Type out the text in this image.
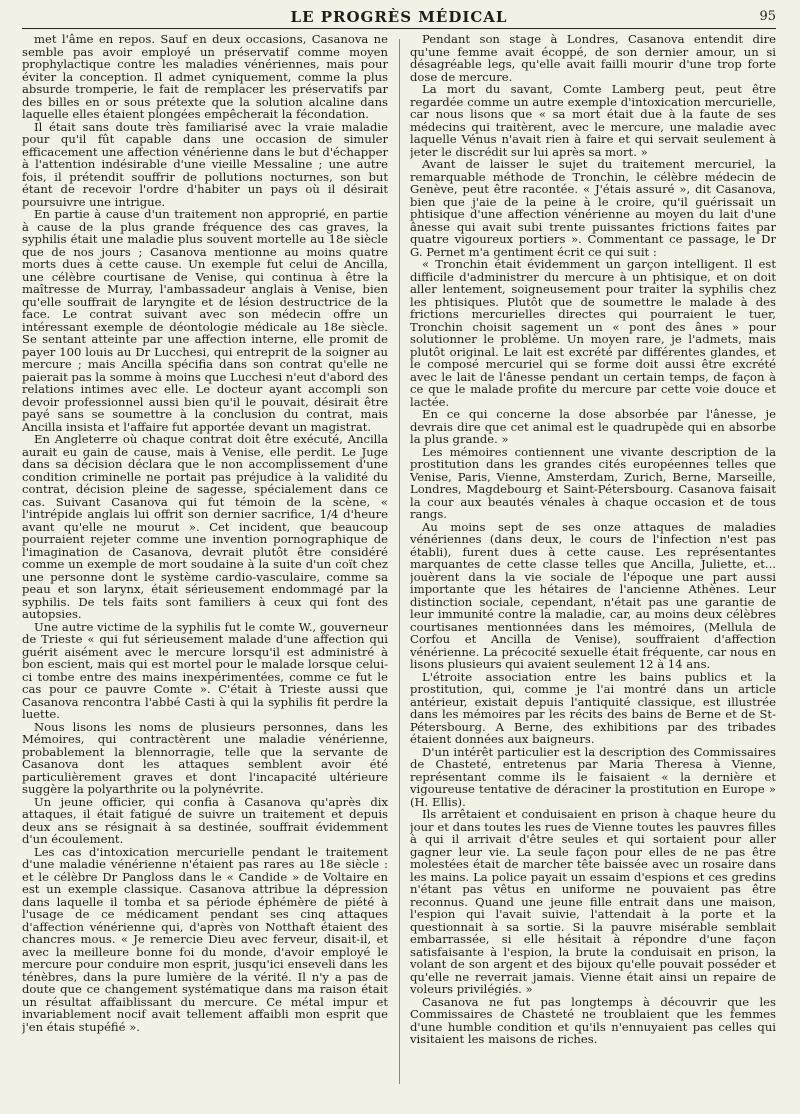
LE PROGRÈS MÉDICAL	95

met l'âme en repos. Sauf en deux occasions, Casanova ne semble pas avoir employé un préservatif comme moyen prophylactique contre les maladies vénériennes, mais pour éviter la conception. Il admet cyniquement, comme la plus absurde tromperie, le fait de remplacer les préservatifs par des billes en or sous prétexte que la solution alcaline dans laquelle elles étaient plongées empêcherait la fécondation.

Il était sans doute très familiarisé avec la vraie maladie pour qu'il fût capable dans une occasion de simuler efficacement une affection vénérienne dans le but d'échapper à l'attention indésirable d'une vieille Messaline ; une autre fois, il prétendit souffrir de pollutions nocturnes, son but étant de recevoir l'ordre d'habiter un pays où il désirait poursuivre une intrigue.

En partie à cause d'un traitement non approprié, en partie à cause de la plus grande fréquence des cas graves, la syphilis était une maladie plus souvent mortelle au 18e siècle que de nos jours ; Casanova mentionne au moins quatre morts dues à cette cause. Un exemple fut celui de Ancilla, une célèbre courtisane de Venise, qui continua à être la maîtresse de Murray, l'ambassadeur anglais à Venise, bien qu'elle souffrait de laryngite et de lésion destructrice de la face. Le contrat suivant avec son médecin offre un intéressant exemple de déontologie médicale au 18e siècle. Se sentant atteinte par une affection interne, elle promit de payer 100 louis au Dr Lucchesi, qui entreprit de la soigner au mercure ; mais Ancilla spécifia dans son contrat qu'elle ne paierait pas la somme à moins que Lucchesi n'eut d'abord des relations intimes avec elle. Le docteur ayant accompli son devoir professionnel aussi bien qu'il le pouvait, désirait être payé sans se soumettre à la conclusion du contrat, mais Ancilla insista et l'affaire fut apportée devant un magistrat.

En Angleterre où chaque contrat doit être exécuté, Ancilla aurait eu gain de cause, mais à Venise, elle perdit. Le Juge dans sa décision déclara que le non accomplissement d'une condition criminelle ne portait pas préjudice à la validité du contrat, décision pleine de sagesse, spécialement dans ce cas. Suivant Casanova qui fut témoin de la scène, « l'intrépide anglais lui offrit son dernier sacrifice, 1/4 d'heure avant qu'elle ne mourut ». Cet incident, que beaucoup pourraient rejeter comme une invention pornographique de l'imagination de Casanova, devrait plutôt être considéré comme un exemple de mort soudaine à la suite d'un coït chez une personne dont le système cardio-vasculaire, comme sa peau et son larynx, était sérieusement endommagé par la syphilis. De tels faits sont familiers à ceux qui font des autopsies.

Une autre victime de la syphilis fut le comte W., gouverneur de Trieste « qui fut sérieusement malade d'une affection qui guérit aisément avec le mercure lorsqu'il est administré à bon escient, mais qui est mortel pour le malade lorsque celui-ci tombe entre des mains inexpérimentées, comme ce fut le cas pour ce pauvre Comte ». C'était à Trieste aussi que Casanova rencontra l'abbé Casti à qui la syphilis fit perdre la luette.

Nous lisons les noms de plusieurs personnes, dans les Mémoires, qui contractèrent une maladie vénérienne, probablement la blennorragie, telle que la servante de Casanova dont les attaques semblent avoir été particulièrement graves et dont l'incapacité ultérieure suggère la polyarthrite ou la polynévrite.

Un jeune officier, qui confia à Casanova qu'après dix attaques, il était fatigué de suivre un traitement et depuis deux ans se résignait à sa destinée, souffrait évidemment d'un écoulement.

Les cas d'intoxication mercurielle pendant le traitement d'une maladie vénérienne n'étaient pas rares au 18e siècle : et le célèbre Dr Pangloss dans le « Candide » de Voltaire en est un exemple classique. Casanova attribue la dépression dans laquelle il tomba et sa période éphémère de piété à l'usage de ce médicament pendant ses cinq attaques d'affection vénérienne qui, d'après von Notthaft étaient des chancres mous. « Je remercie Dieu avec ferveur, disait-il, et avec la meilleure bonne foi du monde, d'avoir employé le mercure pour conduire mon esprit, jusqu'ici enseveli dans les ténèbres, dans la pure lumière de la vérité. Il n'y a pas de doute que ce changement systématique dans ma raison était un résultat affaiblissant du mercure. Ce métal impur et invariablement nocif avait tellement affaibli mon esprit que j'en étais stupéfié ».

Pendant son stage à Londres, Casanova entendit dire qu'une femme avait écoppé, de son dernier amour, un si désagréable legs, qu'elle avait failli mourir d'une trop forte dose de mercure.

La mort du savant, Comte Lamberg peut, peut être regardée comme un autre exemple d'intoxication mercurielle, car nous lisons que « sa mort était due à la faute de ses médecins qui traitèrent, avec le mercure, une maladie avec laquelle Vénus n'avait rien à faire et qui servait seulement à jeter le discrédit sur lui après sa mort. »

Avant de laisser le sujet du traitement mercuriel, la remarquable méthode de Tronchin, le célèbre médecin de Genève, peut être racontée. « J'étais assuré », dit Casanova, bien que j'aie de la peine à le croire, qu'il guérissait un phtisique d'une affection vénérienne au moyen du lait d'une ânesse qui avait subi trente puissantes frictions faites par quatre vigoureux portiers ». Commentant ce passage, le Dr G. Pernet m'a gentiment écrit ce qui suit :

« Tronchin était évidemment un garçon intelligent. Il est difficile d'administrer du mercure à un phtisique, et on doit aller lentement, soigneusement pour traiter la syphilis chez les phtisiques. Plutôt que de soumettre le malade à des frictions mercurielles directes qui pourraient le tuer, Tronchin choisit sagement un « pont des ânes » pour solutionner le problème. Un moyen rare, je l'admets, mais plutôt original. Le lait est excrété par différentes glandes, et le composé mercuriel qui se forme doit aussi être excrété avec le lait de l'ânesse pendant un certain temps, de façon à ce que le malade profite du mercure par cette voie douce et lactée.

En ce qui concerne la dose absorbée par l'ânesse, je devrais dire que cet animal est le quadrupède qui en absorbe la plus grande. »

Les mémoires contiennent une vivante description de la prostitution dans les grandes cités européennes telles que Venise, Paris, Vienne, Amsterdam, Zurich, Berne, Marseille, Londres, Magdebourg et Saint-Pétersbourg. Casanova faisait la cour aux beautés vénales à chaque occasion et de tous rangs.

Au moins sept de ses onze attaques de maladies vénériennes (dans deux, le cours de l'infection n'est pas établi), furent dues à cette cause. Les représentantes marquantes de cette classe telles que Ancilla, Juliette, et... jouèrent dans la vie sociale de l'époque une part aussi importante que les hétaires de l'ancienne Athènes. Leur distinction sociale, cependant, n'était pas une garantie de leur immunité contre la maladie, car, au moins deux célèbres courtisanes mentionnées dans les mémoires, (Mellula de Corfou et Ancilla de Venise), souffraient d'affection vénérienne. La précocité sexuelle était fréquente, car nous en lisons plusieurs qui avaient seulement 12 à 14 ans.

L'étroite association entre les bains publics et la prostitution, qui, comme je l'ai montré dans un article antérieur, existait depuis l'antiquité classique, est illustrée dans les mémoires par les récits des bains de Berne et de St-Pétersbourg. A Berne, des exhibitions par des tribades étaient données aux baigneurs.

D'un intérêt particulier est la description des Commissaires de Chasteté, entretenus par Maria Theresa à Vienne, représentant comme ils le faisaient « la dernière et vigoureuse tentative de déraciner la prostitution en Europe » (H. Ellis).

Ils arrêtaient et conduisaient en prison à chaque heure du jour et dans toutes les rues de Vienne toutes les pauvres filles à qui il arrivait d'être seules et qui sortaient pour aller gagner leur vie. La seule façon pour elles de ne pas être molestées était de marcher tête baissée avec un rosaire dans les mains. La police payait un essaim d'espions et ces gredins n'étant pas vêtus en uniforme ne pouvaient pas être reconnus. Quand une jeune fille entrait dans une maison, l'espion qui l'avait suivie, l'attendait à la porte et la questionnait à sa sortie. Si la pauvre misérable semblait embarrassée, si elle hésitait à répondre d'une façon satisfaisante à l'espion, la brute la conduisait en prison, la volant de son argent et des bijoux qu'elle pouvait posséder et qu'elle ne reverrait jamais. Vienne était ainsi un repaire de voleurs privilégiés. »

Casanova ne fut pas longtemps à découvrir que les Commissaires de Chasteté ne troublaient que les femmes d'une humble condition et qu'ils n'ennuyaient pas celles qui visitaient les maisons de riches.
